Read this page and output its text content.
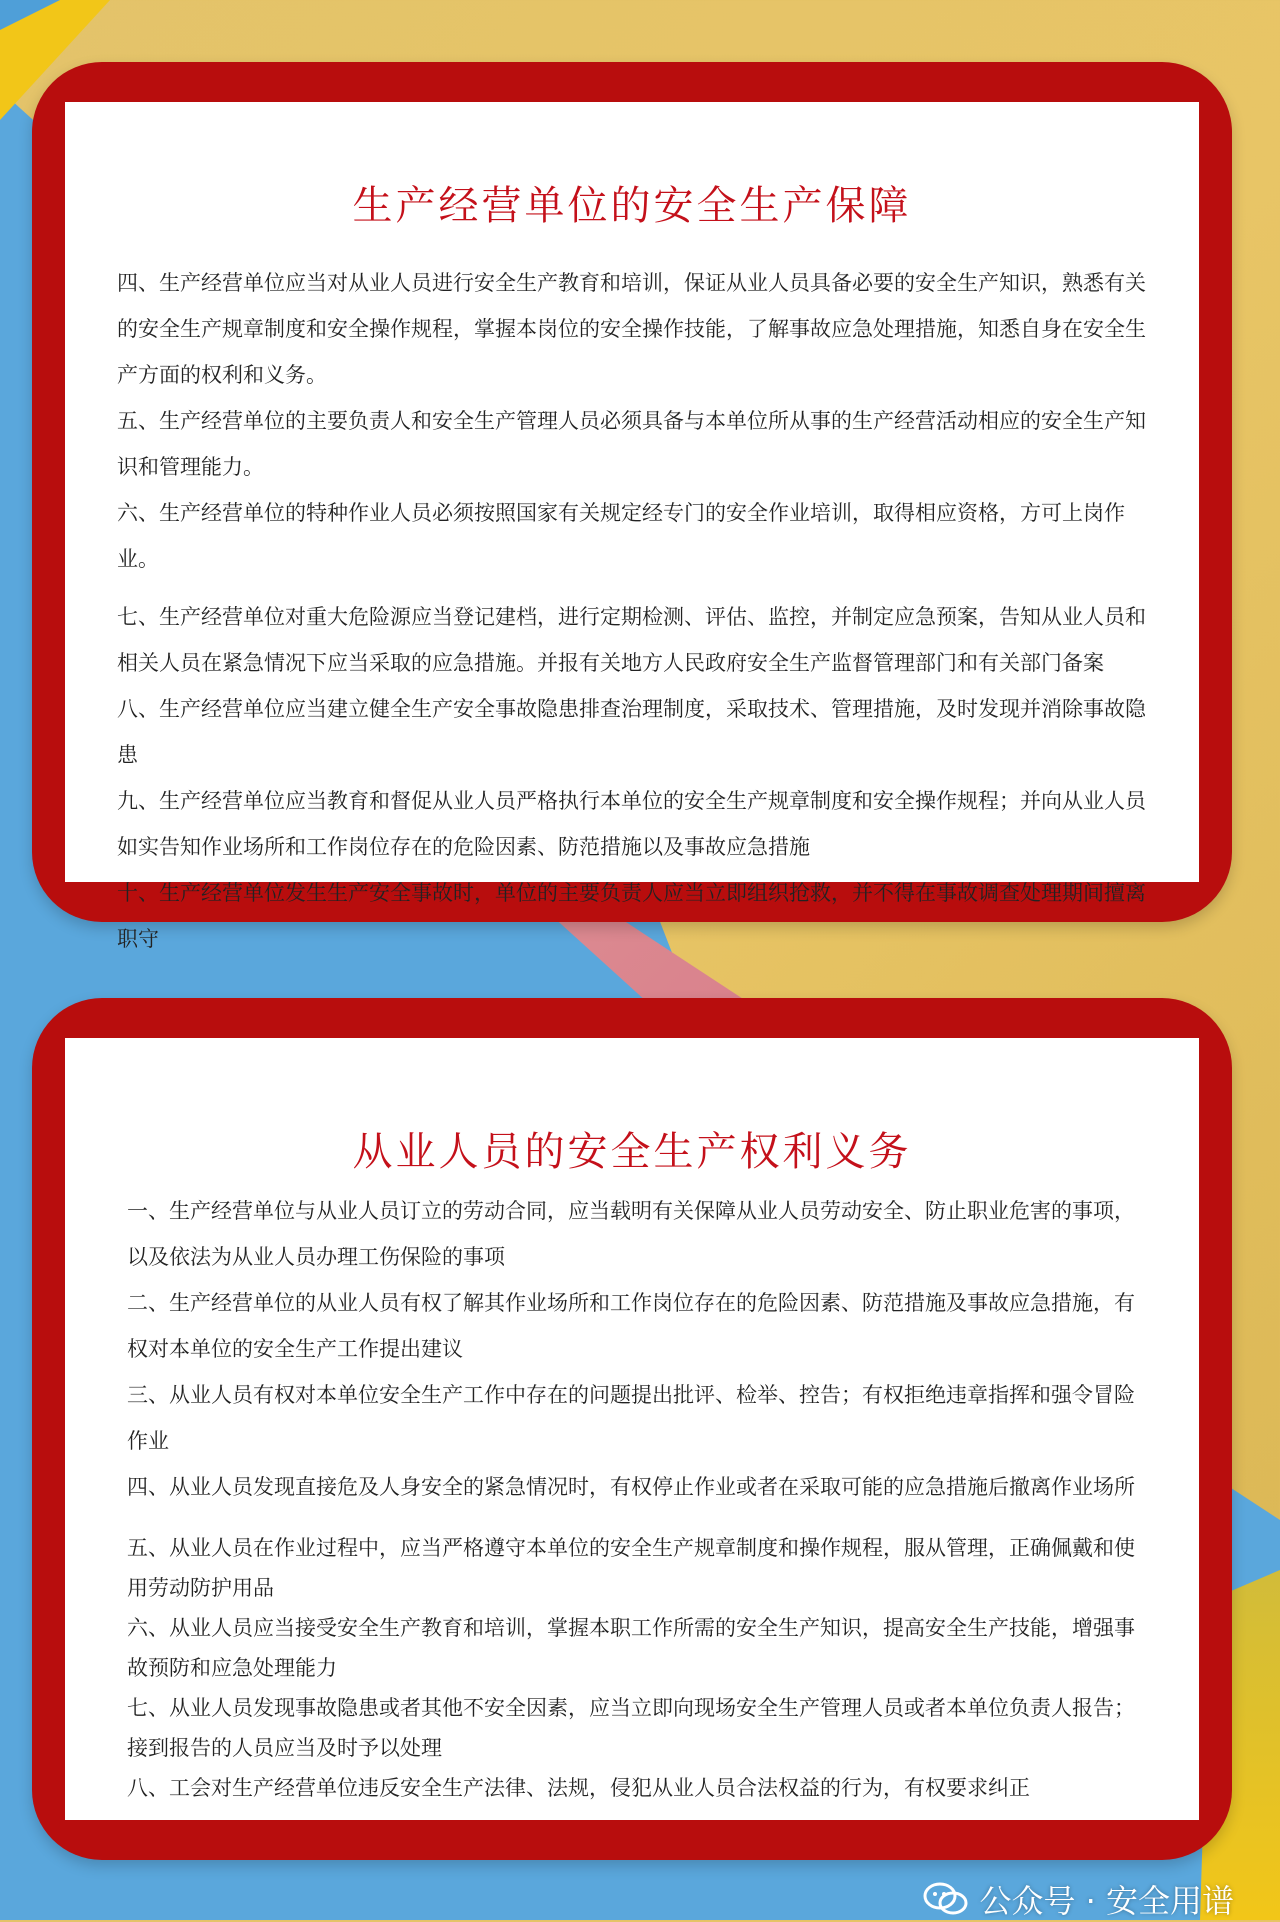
生产经营单位的安全生产保障
四、生产经营单位应当对从业人员进行安全生产教育和培训，保证从业人员具备必要的安全生产知识，熟悉有关的安全生产规章制度和安全操作规程，掌握本岗位的安全操作技能，了解事故应急处理措施，知悉自身在安全生产方面的权利和义务。
五、生产经营单位的主要负责人和安全生产管理人员必须具备与本单位所从事的生产经营活动相应的安全生产知识和管理能力。
六、生产经营单位的特种作业人员必须按照国家有关规定经专门的安全作业培训，取得相应资格，方可上岗作业。
七、生产经营单位对重大危险源应当登记建档，进行定期检测、评估、监控，并制定应急预案，告知从业人员和相关人员在紧急情况下应当采取的应急措施。并报有关地方人民政府安全生产监督管理部门和有关部门备案
八、生产经营单位应当建立健全生产安全事故隐患排查治理制度，采取技术、管理措施，及时发现并消除事故隐患
九、生产经营单位应当教育和督促从业人员严格执行本单位的安全生产规章制度和安全操作规程；并向从业人员如实告知作业场所和工作岗位存在的危险因素、防范措施以及事故应急措施
十、生产经营单位发生生产安全事故时，单位的主要负责人应当立即组织抢救，并不得在事故调查处理期间擅离职守
从业人员的安全生产权利义务
一、生产经营单位与从业人员订立的劳动合同，应当载明有关保障从业人员劳动安全、防止职业危害的事项，以及依法为从业人员办理工伤保险的事项
二、生产经营单位的从业人员有权了解其作业场所和工作岗位存在的危险因素、防范措施及事故应急措施，有权对本单位的安全生产工作提出建议
三、从业人员有权对本单位安全生产工作中存在的问题提出批评、检举、控告；有权拒绝违章指挥和强令冒险作业
四、从业人员发现直接危及人身安全的紧急情况时，有权停止作业或者在采取可能的应急措施后撤离作业场所
五、从业人员在作业过程中，应当严格遵守本单位的安全生产规章制度和操作规程，服从管理，正确佩戴和使用劳动防护用品
六、从业人员应当接受安全生产教育和培训，掌握本职工作所需的安全生产知识，提高安全生产技能，增强事故预防和应急处理能力
七、从业人员发现事故隐患或者其他不安全因素，应当立即向现场安全生产管理人员或者本单位负责人报告；接到报告的人员应当及时予以处理
八、工会对生产经营单位违反安全生产法律、法规，侵犯从业人员合法权益的行为，有权要求纠正
公众号 · 安全用谱
